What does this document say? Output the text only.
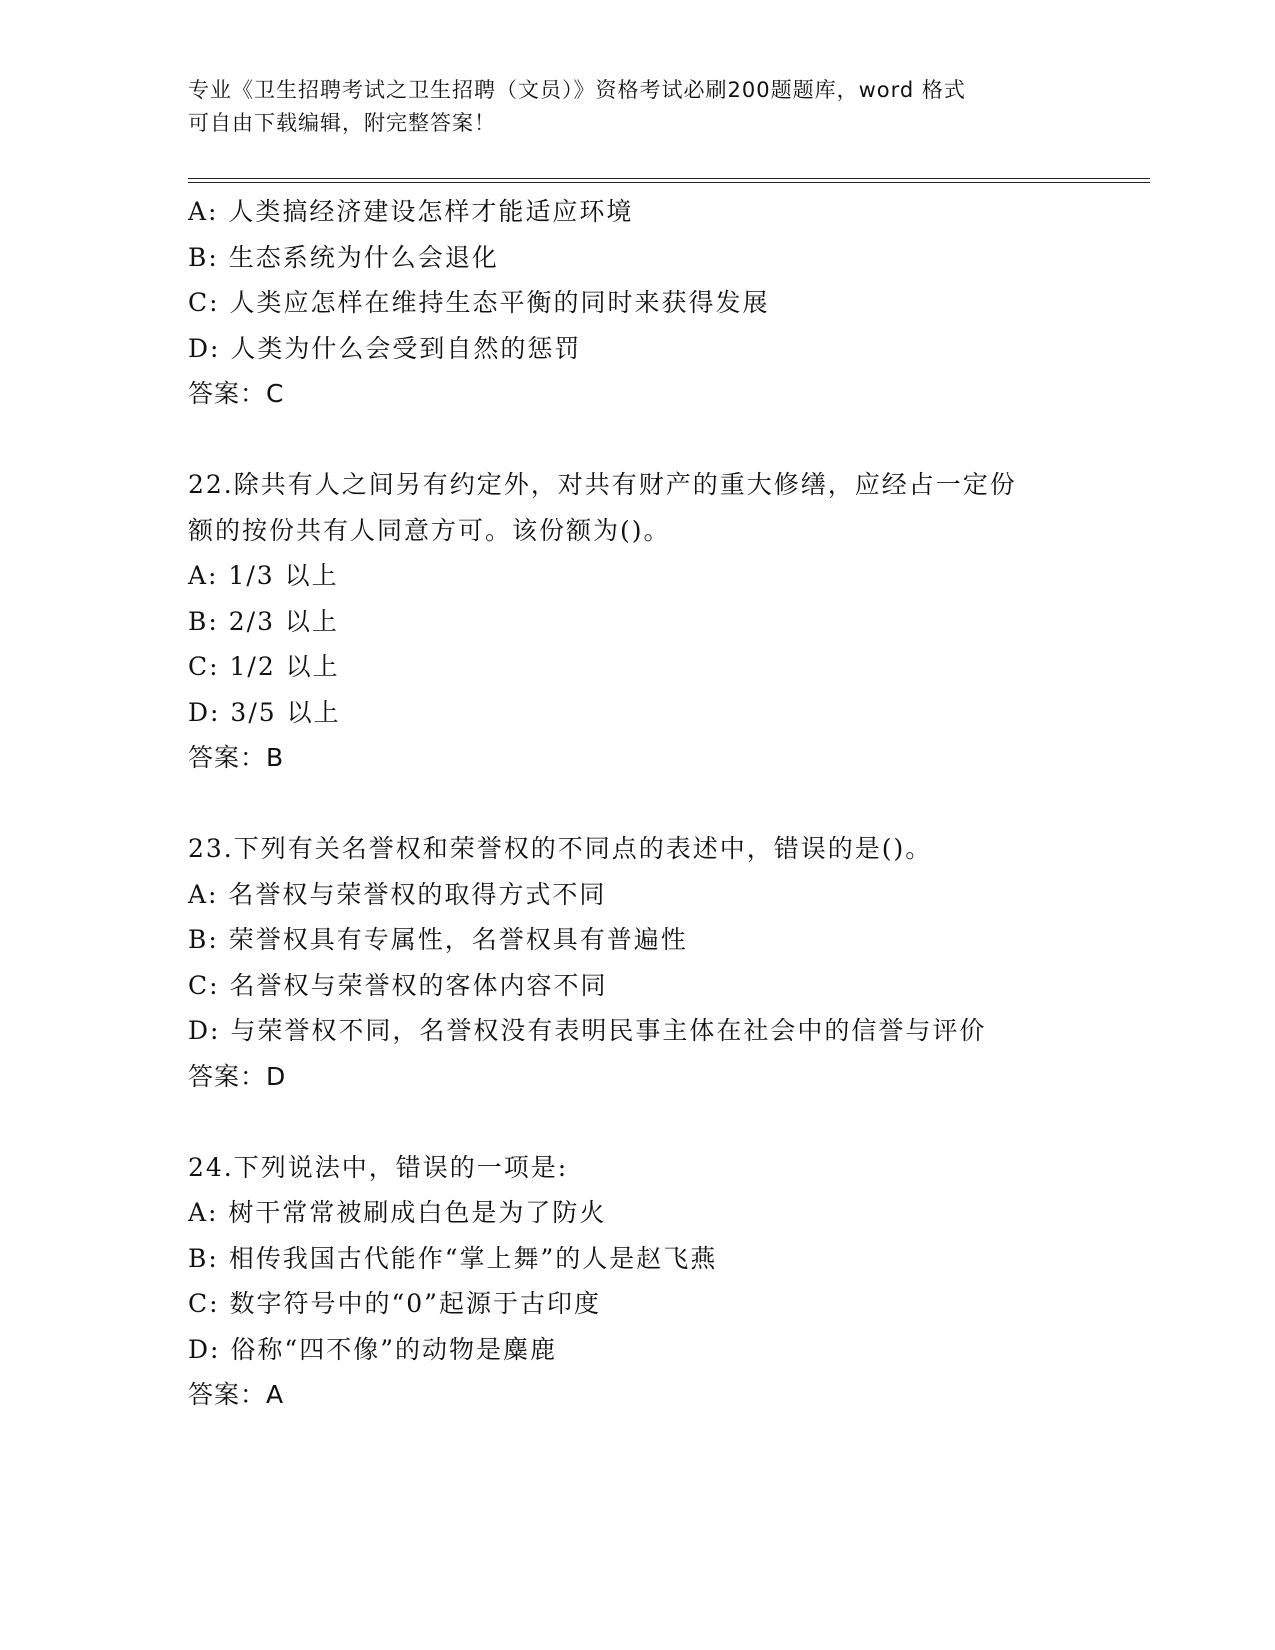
专业《卫生招聘考试之卫生招聘（文员）》资格考试必刷200题题库，word 格式
可自由下载编辑，附完整答案！
A: 人类搞经济建设怎样才能适应环境
B: 生态系统为什么会退化
C: 人类应怎样在维持生态平衡的同时来获得发展
D: 人类为什么会受到自然的惩罚
答案：C
22.除共有人之间另有约定外，对共有财产的重大修缮，应经占一定份
额的按份共有人同意方可。该份额为()。
A: 1/3 以上
B: 2/3 以上
C: 1/2 以上
D: 3/5 以上
答案：B
23.下列有关名誉权和荣誉权的不同点的表述中，错误的是()。
A: 名誉权与荣誉权的取得方式不同
B: 荣誉权具有专属性，名誉权具有普遍性
C: 名誉权与荣誉权的客体内容不同
D: 与荣誉权不同，名誉权没有表明民事主体在社会中的信誉与评价
答案：D
24.下列说法中，错误的一项是:
A: 树干常常被刷成白色是为了防火
B: 相传我国古代能作“掌上舞”的人是赵飞燕
C: 数字符号中的“0”起源于古印度
D: 俗称“四不像”的动物是麋鹿
答案：A
